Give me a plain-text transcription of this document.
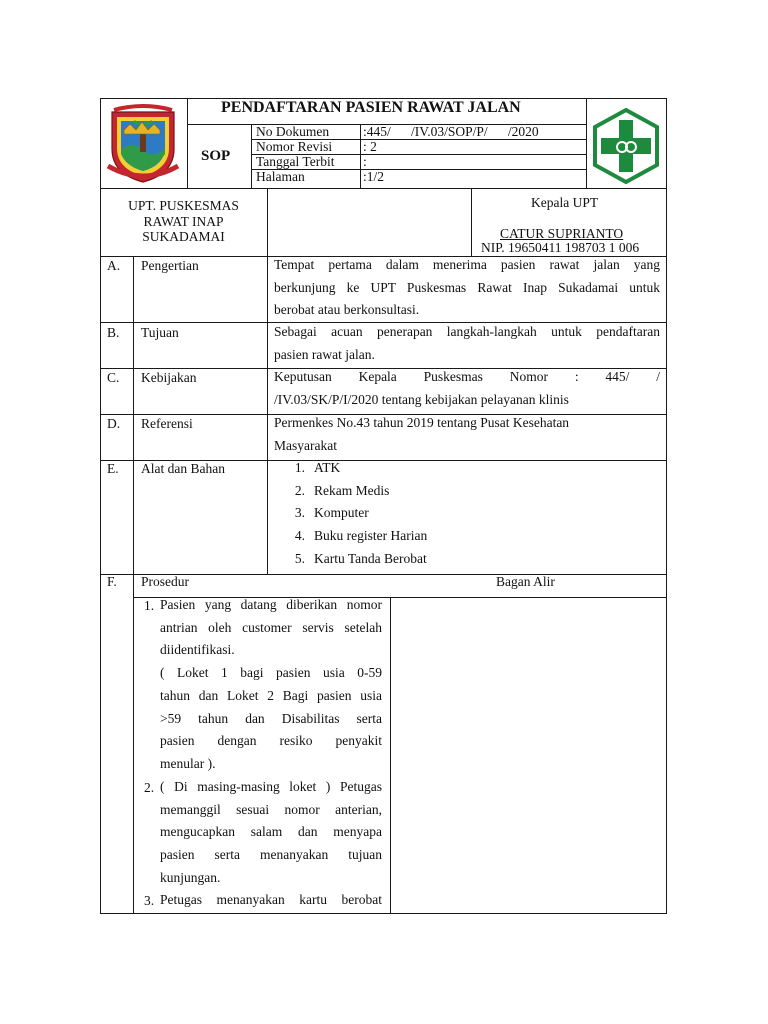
PENDAFTARAN PASIEN RAWAT JALAN
SOP
No Dokumen	:445/      /IV.03/SOP/P/      /2020
Nomor Revisi : 2
Tanggal Terbit :
Halaman	:1/2
UPT. PUSKESMAS
RAWAT INAP
SUKADAMAI
Kepala UPT
CATUR SUPRIANTO
NIP. 19650411 198703 1 006
A. Pengertian	Tempat pertama dalam menerima pasien rawat jalan yang
berkunjung ke UPT Puskesmas Rawat Inap Sukadamai untuk
berobat atau berkonsultasi.
B. Tujuan	Sebagai acuan penerapan langkah-langkah untuk pendaftaran
pasien rawat jalan.
C. Kebijakan	Keputusan Kepala Puskesmas Nomor : 445/ /
/IV.03/SK/P/I/2020 tentang kebijakan pelayanan klinis
D. Referensi	Permenkes No.43 tahun 2019 tentang Pusat Kesehatan
Masyarakat
E. Alat dan Bahan	1. ATK
2. Rekam Medis
3. Komputer
4. Buku register Harian
5. Kartu Tanda Berobat
F. Prosedur	Bagan Alir
1. Pasien yang datang diberikan nomor
antrian oleh customer servis setelah
diidentifikasi.
( Loket 1 bagi pasien usia 0-59
tahun dan Loket 2 Bagi pasien usia
>59 tahun dan Disabilitas serta
pasien dengan resiko penyakit
menular ).
2. ( Di masing-masing loket ) Petugas
memanggil sesuai nomor anterian,
mengucapkan salam dan menyapa
pasien serta menanyakan tujuan
kunjungan.
3. Petugas menanyakan kartu berobat
